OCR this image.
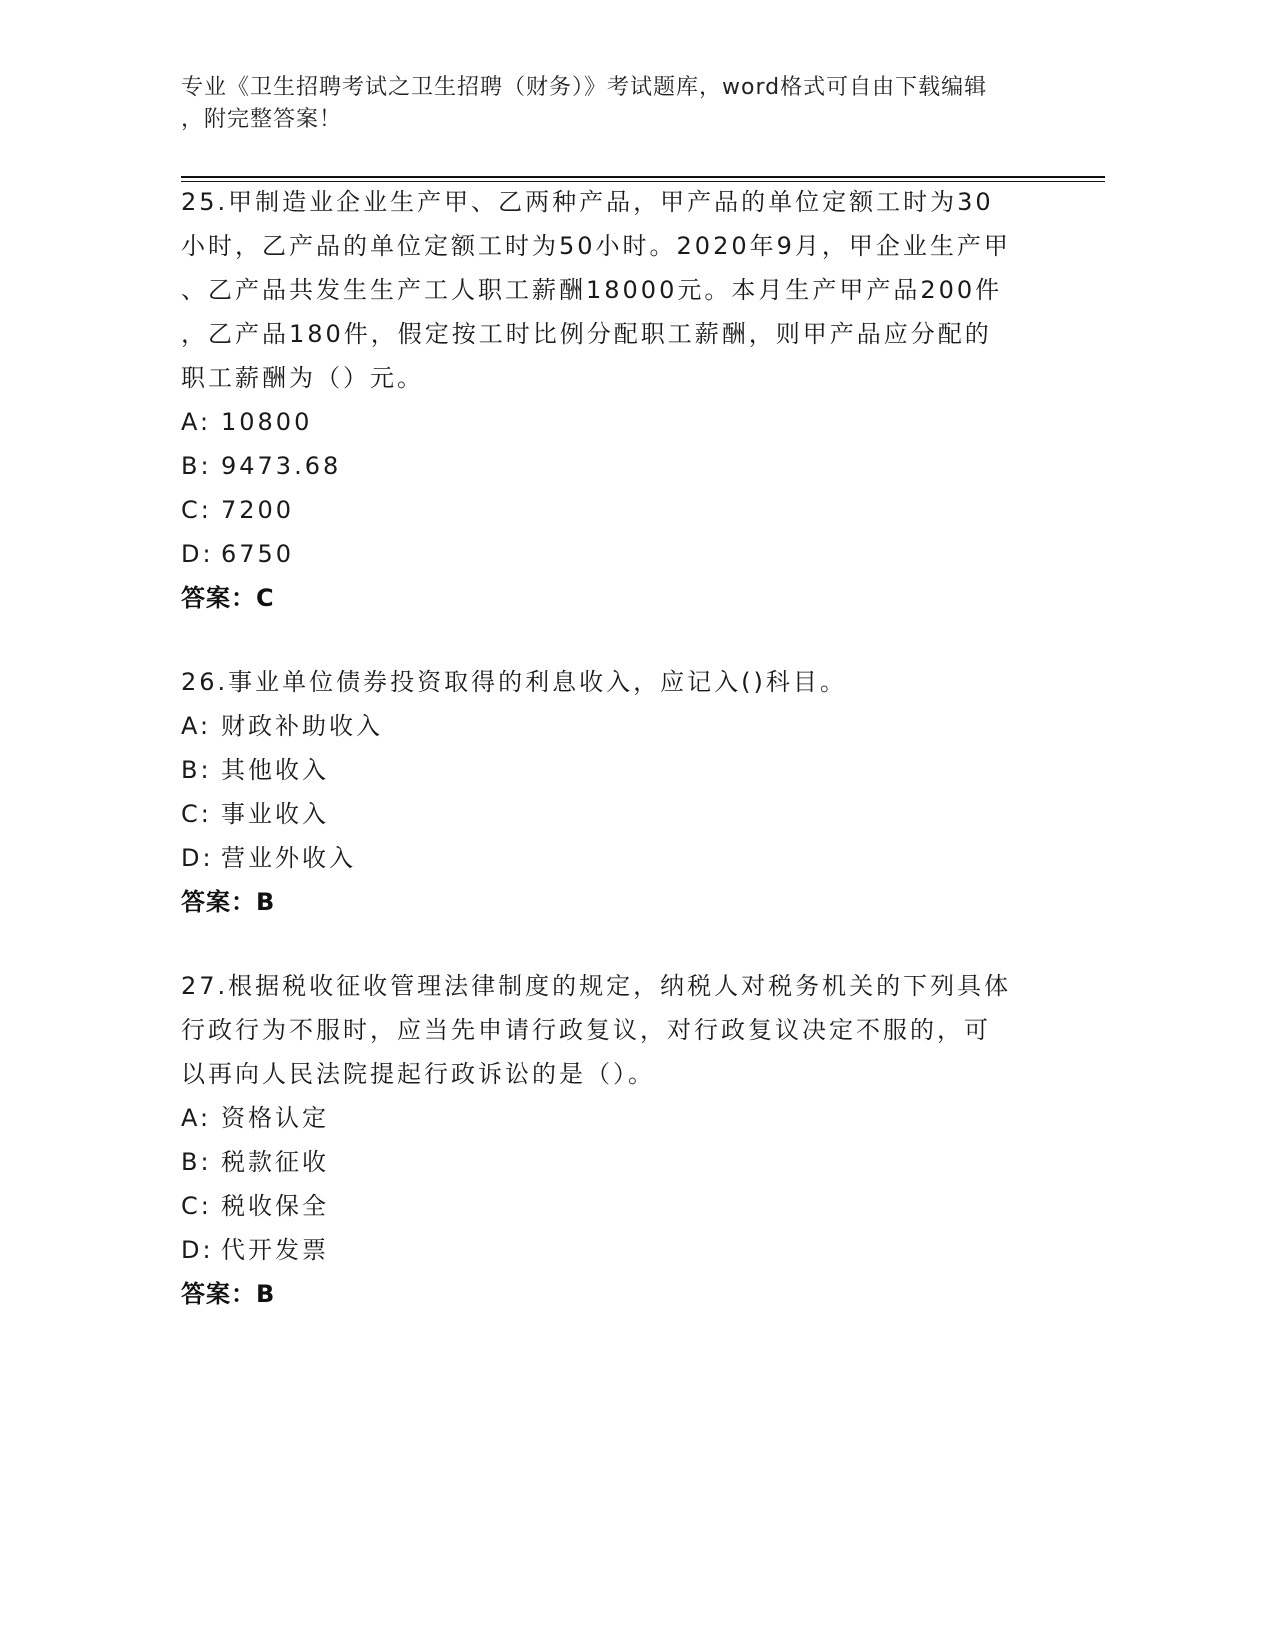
专业《卫生招聘考试之卫生招聘（财务）》考试题库，word格式可自由下载编辑
，附完整答案！
25.甲制造业企业生产甲、乙两种产品，甲产品的单位定额工时为30
小时，乙产品的单位定额工时为50小时。2020年9月，甲企业生产甲
、乙产品共发生生产工人职工薪酬18000元。本月生产甲产品200件
，乙产品180件，假定按工时比例分配职工薪酬，则甲产品应分配的
职工薪酬为（）元。
A: 10800
B: 9473.68
C: 7200
D: 6750
答案：C
26.事业单位债券投资取得的利息收入，应记入()科目。
A: 财政补助收入
B: 其他收入
C: 事业收入
D: 营业外收入
答案：B
27.根据税收征收管理法律制度的规定，纳税人对税务机关的下列具体
行政行为不服时，应当先申请行政复议，对行政复议决定不服的，可
以再向人民法院提起行政诉讼的是（）。
A: 资格认定
B: 税款征收
C: 税收保全
D: 代开发票
答案：B
